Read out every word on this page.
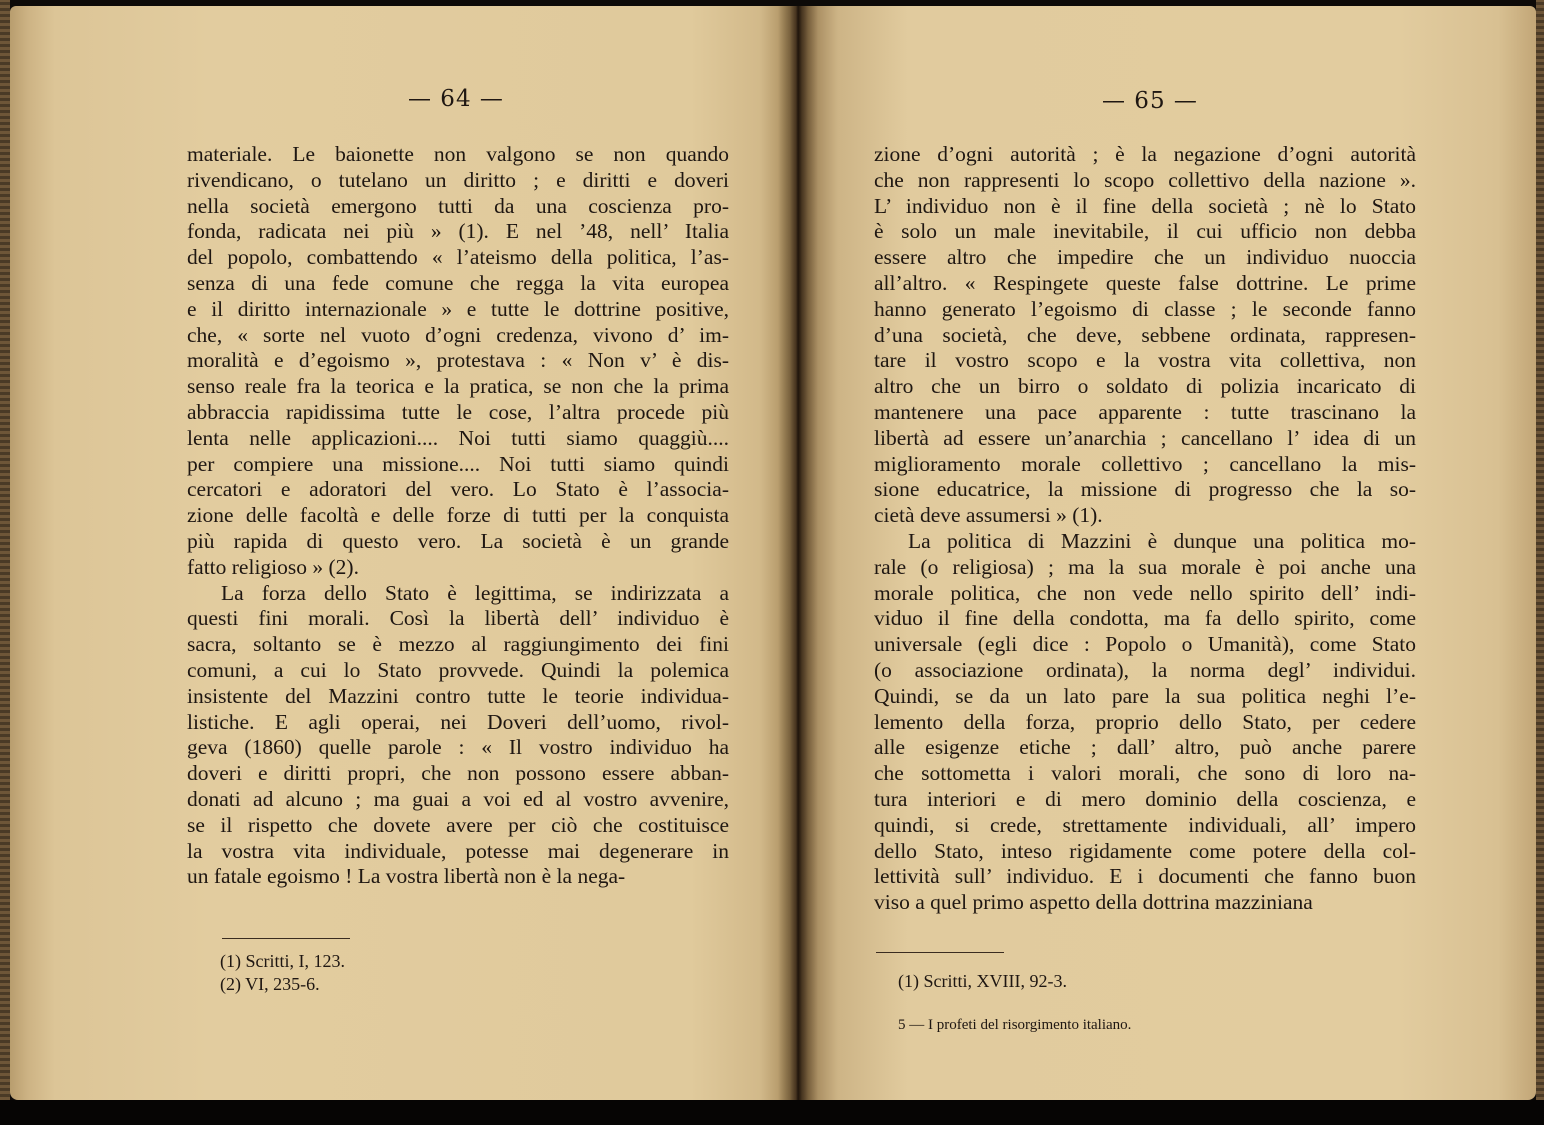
— 64 —
materiale. Le baionette non valgono se non quando
rivendicano, o tutelano un diritto ; e diritti e doveri
nella società emergono tutti da una coscienza pro-
fonda, radicata nei più » (1). E nel ’48, nell’ Italia
del popolo, combattendo « l’ateismo della politica, l’as-
senza di una fede comune che regga la vita europea
e il diritto internazionale » e tutte le dottrine positive,
che, « sorte nel vuoto d’ogni credenza, vivono d’ im-
moralità e d’egoismo », protestava : « Non v’ è dis-
senso reale fra la teorica e la pratica, se non che la prima
abbraccia rapidissima tutte le cose, l’altra procede più
lenta nelle applicazioni.... Noi tutti siamo quaggiù....
per compiere una missione.... Noi tutti siamo quindi
cercatori e adoratori del vero. Lo Stato è l’associa-
zione delle facoltà e delle forze di tutti per la conquista
più rapida di questo vero. La società è un grande
fatto religioso » (2).
La forza dello Stato è legittima, se indirizzata a
questi fini morali. Così la libertà dell’ individuo è
sacra, soltanto se è mezzo al raggiungimento dei fini
comuni, a cui lo Stato provvede. Quindi la polemica
insistente del Mazzini contro tutte le teorie individua-
listiche. E agli operai, nei Doveri dell’uomo, rivol-
geva (1860) quelle parole : « Il vostro individuo ha
doveri e diritti propri, che non possono essere abban-
donati ad alcuno ; ma guai a voi ed al vostro avvenire,
se il rispetto che dovete avere per ciò che costituisce
la vostra vita individuale, potesse mai degenerare in
un fatale egoismo ! La vostra libertà non è la nega-
(1) Scritti, I, 123.
(2) VI, 235-6.
— 65 —
zione d’ogni autorità ; è la negazione d’ogni autorità
che non rappresenti lo scopo collettivo della nazione ».
L’ individuo non è il fine della società ; nè lo Stato
è solo un male inevitabile, il cui ufficio non debba
essere altro che impedire che un individuo nuoccia
all’altro. « Respingete queste false dottrine. Le prime
hanno generato l’egoismo di classe ; le seconde fanno
d’una società, che deve, sebbene ordinata, rappresen-
tare il vostro scopo e la vostra vita collettiva, non
altro che un birro o soldato di polizia incaricato di
mantenere una pace apparente : tutte trascinano la
libertà ad essere un’anarchia ; cancellano l’ idea di un
miglioramento morale collettivo ; cancellano la mis-
sione educatrice, la missione di progresso che la so-
cietà deve assumersi » (1).
La politica di Mazzini è dunque una politica mo-
rale (o religiosa) ; ma la sua morale è poi anche una
morale politica, che non vede nello spirito dell’ indi-
viduo il fine della condotta, ma fa dello spirito, come
universale (egli dice : Popolo o Umanità), come Stato
(o associazione ordinata), la norma degl’ individui.
Quindi, se da un lato pare la sua politica neghi l’e-
lemento della forza, proprio dello Stato, per cedere
alle esigenze etiche ; dall’ altro, può anche parere
che sottometta i valori morali, che sono di loro na-
tura interiori e di mero dominio della coscienza, e
quindi, si crede, strettamente individuali, all’ impero
dello Stato, inteso rigidamente come potere della col-
lettività sull’ individuo. E i documenti che fanno buon
viso a quel primo aspetto della dottrina mazziniana
(1) Scritti, XVIII, 92-3.
5 — I profeti del risorgimento italiano.
